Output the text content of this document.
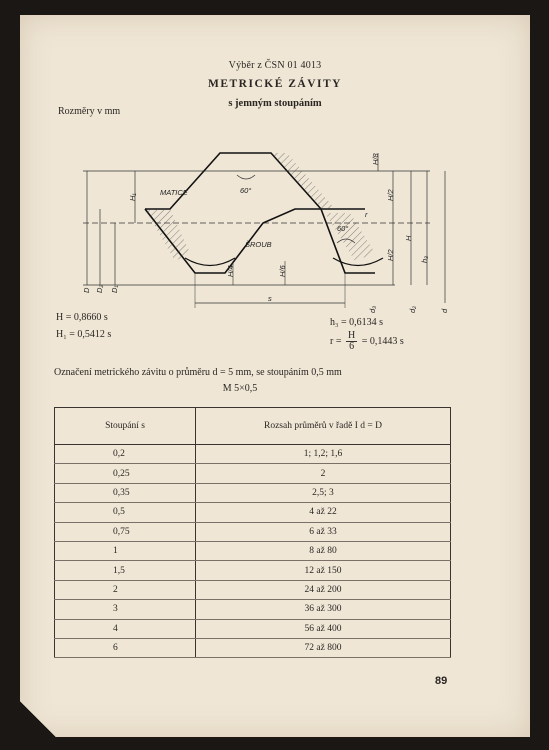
Výběr z ČSN 01 4013
METRICKÉ ZÁVITY
s jemným stoupáním
Rozměry v mm
MATICE
ŠROUB
60°
60°
s
H/8
H/2
H/2
H
H₁
h₃
H/4	H/6
D D₂ D₁
d₃	d₂	d
r
H = 0,8660 s
H₁ = 0,5412 s
h₃ = 0,6134 s
$r = \frac{H}{6} = 0,1443$ s
Označení metrického závitu o průměru d = 5 mm, se stoupáním 0,5 mm
M 5×0,5
Stoupání s	Rozsah průměrů v řadě I d = D
0,2	1; 1,2; 1,6
0,25	2
0,35	2,5; 3
0,5	4 až 22
0,75	6 až 33
1	8 až 80
1,5	12 až 150
2	24 až 200
3	36 až 300
4	56 až 400
6	72 až 800
89
